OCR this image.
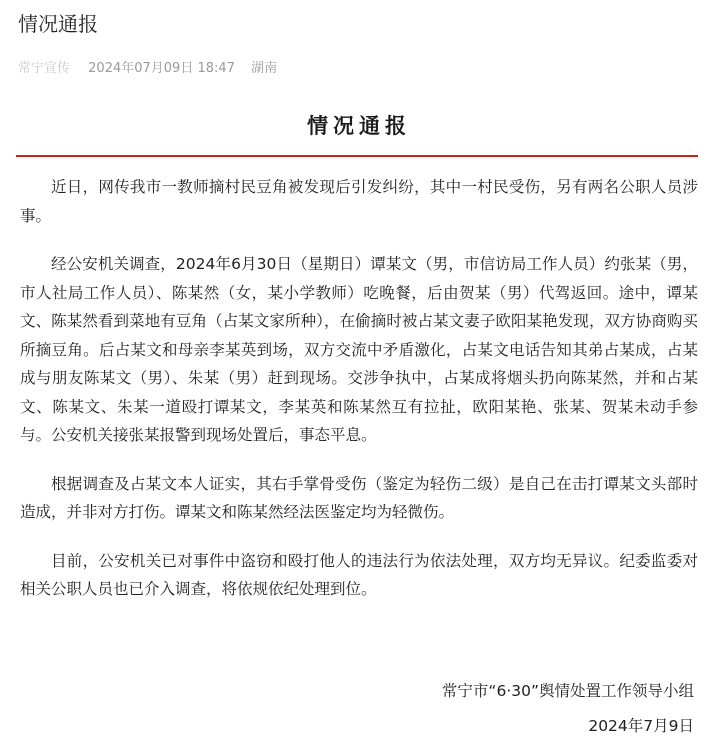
情况通报
常宁宣传 2024年07月09日 18:47 湖南
情况通报

近日，网传我市一教师摘村民豆角被发现后引发纠纷，其中一村民受伤，另有两名公职人员涉事。

经公安机关调查，2024年6月30日（星期日）谭某文（男，市信访局工作人员）约张某（男，市人社局工作人员）、陈某然（女，某小学教师）吃晚餐，后由贺某（男）代驾返回。途中，谭某文、陈某然看到菜地有豆角（占某文家所种），在偷摘时被占某文妻子欧阳某艳发现，双方协商购买所摘豆角。后占某文和母亲李某英到场，双方交流中矛盾激化，占某文电话告知其弟占某成，占某成与朋友陈某文（男）、朱某（男）赶到现场。交涉争执中，占某成将烟头扔向陈某然，并和占某文、陈某文、朱某一道殴打谭某文，李某英和陈某然互有拉扯，欧阳某艳、张某、贺某未动手参与。公安机关接张某报警到现场处置后，事态平息。

根据调查及占某文本人证实，其右手掌骨受伤（鉴定为轻伤二级）是自己在击打谭某文头部时造成，并非对方打伤。谭某文和陈某然经法医鉴定均为轻微伤。

目前，公安机关已对事件中盗窃和殴打他人的违法行为依法处理，双方均无异议。纪委监委对相关公职人员也已介入调查，将依规依纪处理到位。

常宁市“6·30”舆情处置工作领导小组
2024年7月9日
